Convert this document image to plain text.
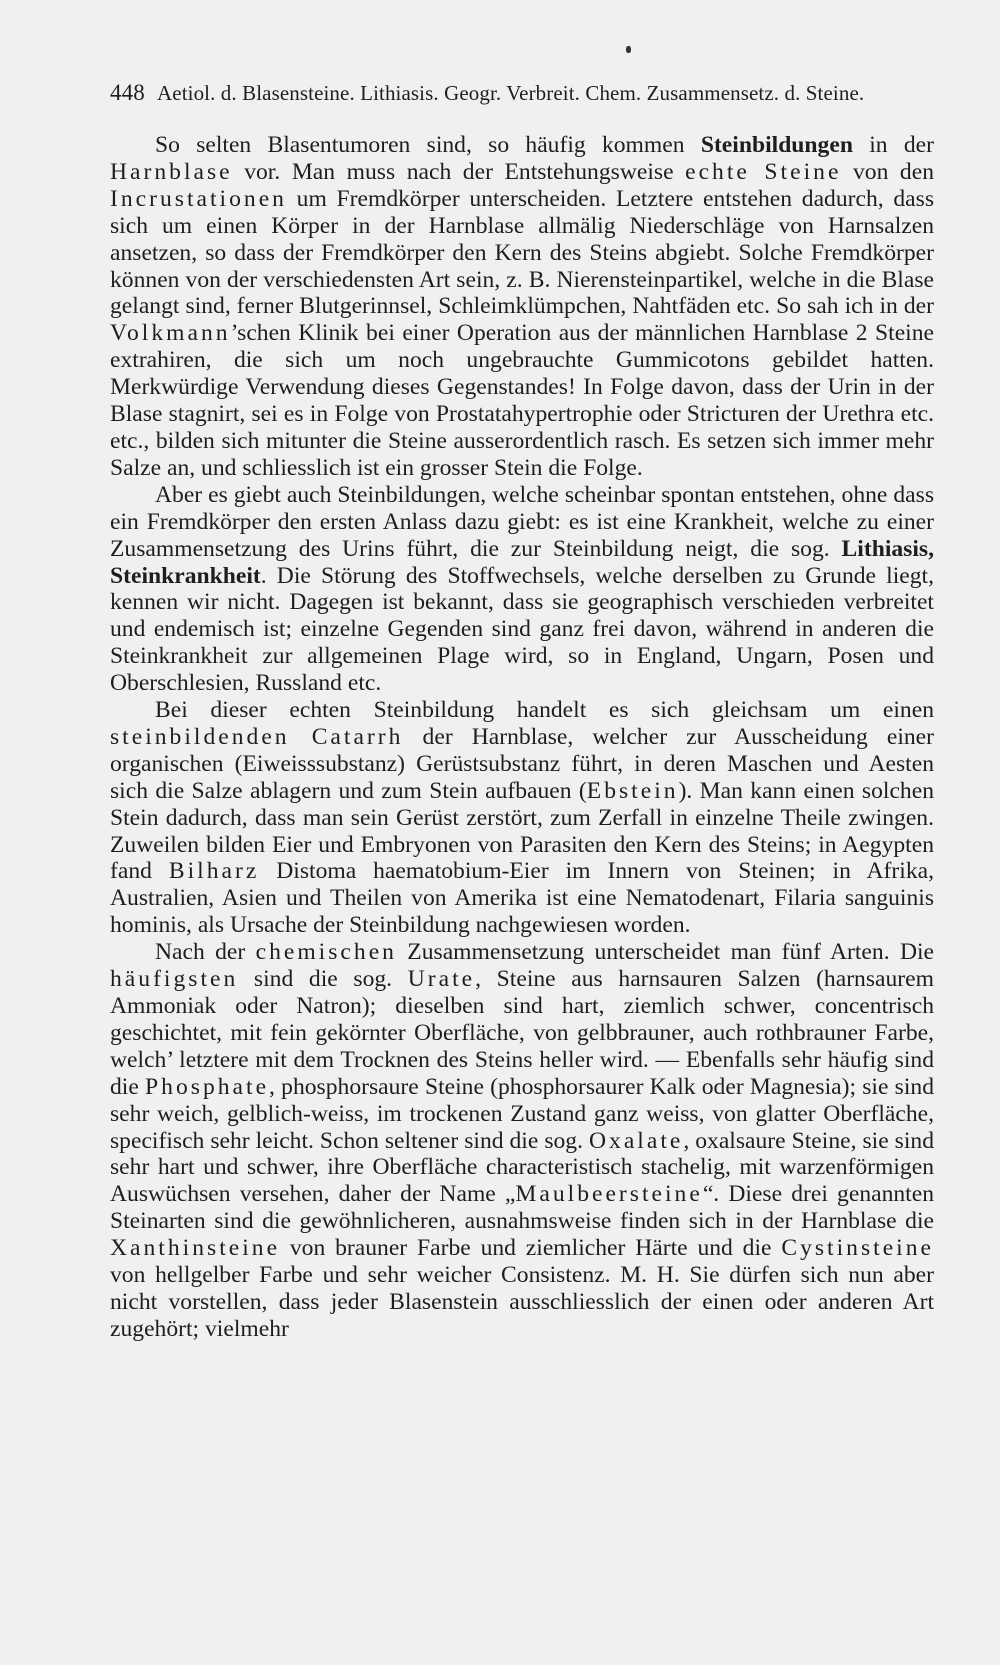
448 Aetiol. d. Blasensteine. Lithiasis. Geogr. Verbreit. Chem. Zusammensetz. d. Steine.

So selten Blasentumoren sind, so häufig kommen Steinbildungen in der Harnblase vor. Man muss nach der Entstehungsweise echte Steine von den Incrustationen um Fremdkörper unterscheiden. Letztere entstehen dadurch, dass sich um einen Körper in der Harnblase allmälig Niederschläge von Harnsalzen ansetzen, so dass der Fremdkörper den Kern des Steins abgiebt. Solche Fremdkörper können von der verschiedensten Art sein, z. B. Nierensteinpartikel, welche in die Blase gelangt sind, ferner Blutgerinnsel, Schleimklümpchen, Nahtfäden etc. So sah ich in der Volkmann’schen Klinik bei einer Operation aus der männlichen Harnblase 2 Steine extrahiren, die sich um noch ungebrauchte Gummicotons gebildet hatten. Merkwürdige Verwendung dieses Gegenstandes! In Folge davon, dass der Urin in der Blase stagnirt, sei es in Folge von Prostatahypertrophie oder Stricturen der Urethra etc. etc., bilden sich mitunter die Steine ausserordentlich rasch. Es setzen sich immer mehr Salze an, und schliesslich ist ein grosser Stein die Folge.

Aber es giebt auch Steinbildungen, welche scheinbar spontan entstehen, ohne dass ein Fremdkörper den ersten Anlass dazu giebt: es ist eine Krankheit, welche zu einer Zusammensetzung des Urins führt, die zur Steinbildung neigt, die sog. Lithiasis, Steinkrankheit. Die Störung des Stoffwechsels, welche derselben zu Grunde liegt, kennen wir nicht. Dagegen ist bekannt, dass sie geographisch verschieden verbreitet und endemisch ist; einzelne Gegenden sind ganz frei davon, während in anderen die Steinkrankheit zur allgemeinen Plage wird, so in England, Ungarn, Posen und Oberschlesien, Russland etc.

Bei dieser echten Steinbildung handelt es sich gleichsam um einen steinbildenden Catarrh der Harnblase, welcher zur Ausscheidung einer organischen (Eiweisssubstanz) Gerüstsubstanz führt, in deren Maschen und Aesten sich die Salze ablagern und zum Stein aufbauen (Ebstein). Man kann einen solchen Stein dadurch, dass man sein Gerüst zerstört, zum Zerfall in einzelne Theile zwingen. Zuweilen bilden Eier und Embryonen von Parasiten den Kern des Steins; in Aegypten fand Bilharz Distoma haematobium-Eier im Innern von Steinen; in Afrika, Australien, Asien und Theilen von Amerika ist eine Nematodenart, Filaria sanguinis hominis, als Ursache der Steinbildung nachgewiesen worden.

Nach der chemischen Zusammensetzung unterscheidet man fünf Arten. Die häufigsten sind die sog. Urate, Steine aus harnsauren Salzen (harnsaurem Ammoniak oder Natron); dieselben sind hart, ziemlich schwer, concentrisch geschichtet, mit fein gekörnter Oberfläche, von gelbbrauner, auch rothbrauner Farbe, welch’ letztere mit dem Trocknen des Steins heller wird. — Ebenfalls sehr häufig sind die Phosphate, phosphorsaure Steine (phosphorsaurer Kalk oder Magnesia); sie sind sehr weich, gelblich-weiss, im trockenen Zustand ganz weiss, von glatter Oberfläche, specifisch sehr leicht. Schon seltener sind die sog. Oxalate, oxalsaure Steine, sie sind sehr hart und schwer, ihre Oberfläche characteristisch stachelig, mit warzenförmigen Auswüchsen versehen, daher der Name „Maulbeersteine“. Diese drei genannten Steinarten sind die gewöhnlicheren, ausnahmsweise finden sich in der Harnblase die Xanthinsteine von brauner Farbe und ziemlicher Härte und die Cystinsteine von hellgelber Farbe und sehr weicher Consistenz. M. H. Sie dürfen sich nun aber nicht vorstellen, dass jeder Blasenstein ausschliesslich der einen oder anderen Art zugehört; vielmehr
